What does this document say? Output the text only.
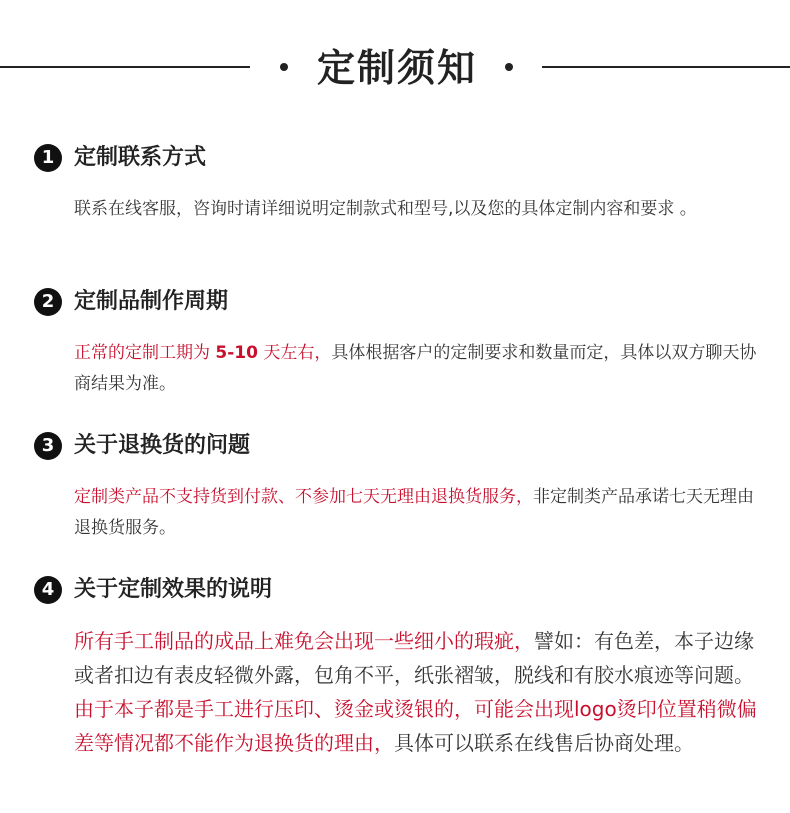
定制须知
1 定制联系方式

联系在线客服，咨询时请详细说明定制款式和型号,以及您的具体定制内容和要求 。

2 定制品制作周期

正常的定制工期为 5-10 天左右，具体根据客户的定制要求和数量而定，具体以双方聊天协商结果为准。

3 关于退换货的问题

定制类产品不支持货到付款、不参加七天无理由退换货服务，非定制类产品承诺七天无理由退换货服务。

4 关于定制效果的说明

所有手工制品的成品上难免会出现一些细小的瑕疵，譬如：有色差，本子边缘或者扣边有表皮轻微外露，包角不平，纸张褶皱，脱线和有胶水痕迹等问题。由于本子都是手工进行压印、烫金或烫银的，可能会出现logo烫印位置稍微偏差等情况都不能作为退换货的理由，具体可以联系在线售后协商处理。
